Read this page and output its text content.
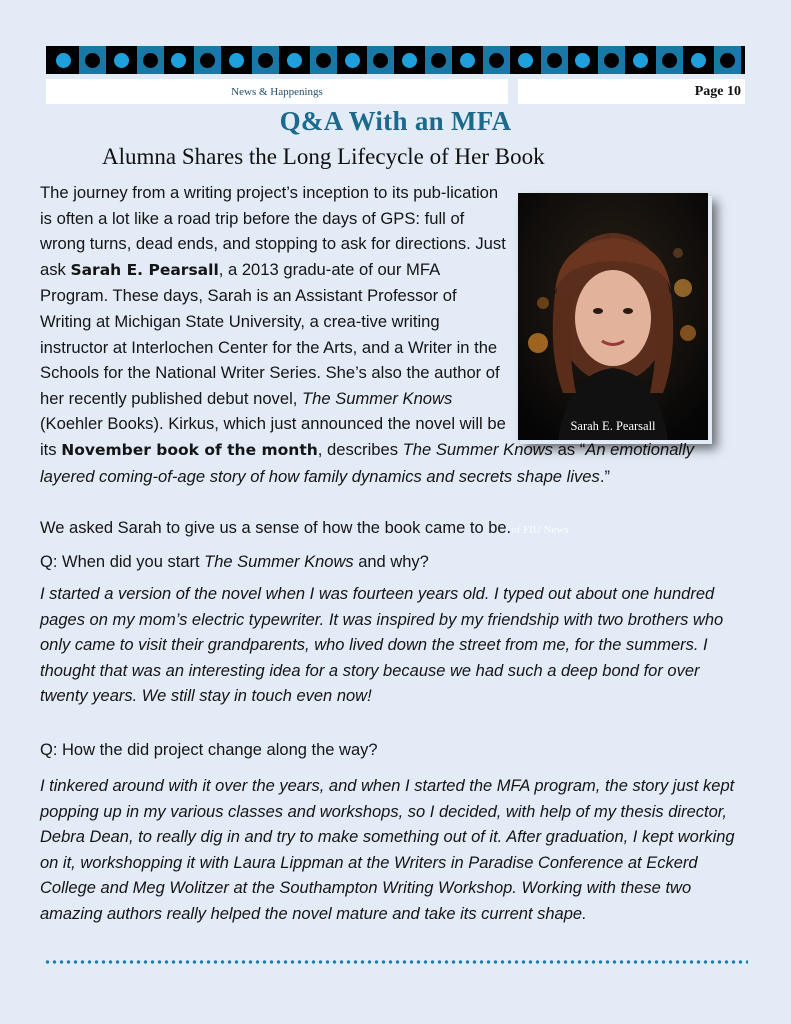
News & Happenings	Page 10
Q&A With an MFA
Alumna Shares the Long Lifecycle of Her Book
The journey from a writing project’s inception to its pub-lication is often a lot like a road trip before the days of GPS: full of wrong turns, dead ends, and stopping to ask for directions. Just ask Sarah E. Pearsall, a 2013 gradu-ate of our MFA Program. These days, Sarah is an Assistant Professor of Writing at Michigan State University, a crea-tive writing instructor at Interlochen Center for the Arts, and a Writer in the Schools for the National Writer Series. She’s also the author of her recently published debut novel, The Summer Knows (Koehler Books). Kirkus, which just announced the novel will be its November book of the month, describes The Summer Knows as “An emotionally layered coming-of-age story of how family dynamics and secrets shape lives.”
Sarah E. Pearsall
We asked Sarah to give us a sense of how the book came to be.of FIU News
Q: When did you start The Summer Knows and why?
I started a version of the novel when I was fourteen years old. I typed out about one hundred pages on my mom’s electric typewriter. It was inspired by my friendship with two brothers who only came to visit their grandparents, who lived down the street from me, for the summers. I thought that was an interesting idea for a story because we had such a deep bond for over twenty years. We still stay in touch even now!
Q: How the did project change along the way?
I tinkered around with it over the years, and when I started the MFA program, the story just kept popping up in my various classes and workshops, so I decided, with help of my thesis director, Debra Dean, to really dig in and try to make something out of it. After graduation, I kept working on it, workshopping it with Laura Lippman at the Writers in Paradise Conference at Eckerd College and Meg Wolitzer at the Southampton Writing Workshop. Working with these two amazing authors really helped the novel mature and take its current shape.
